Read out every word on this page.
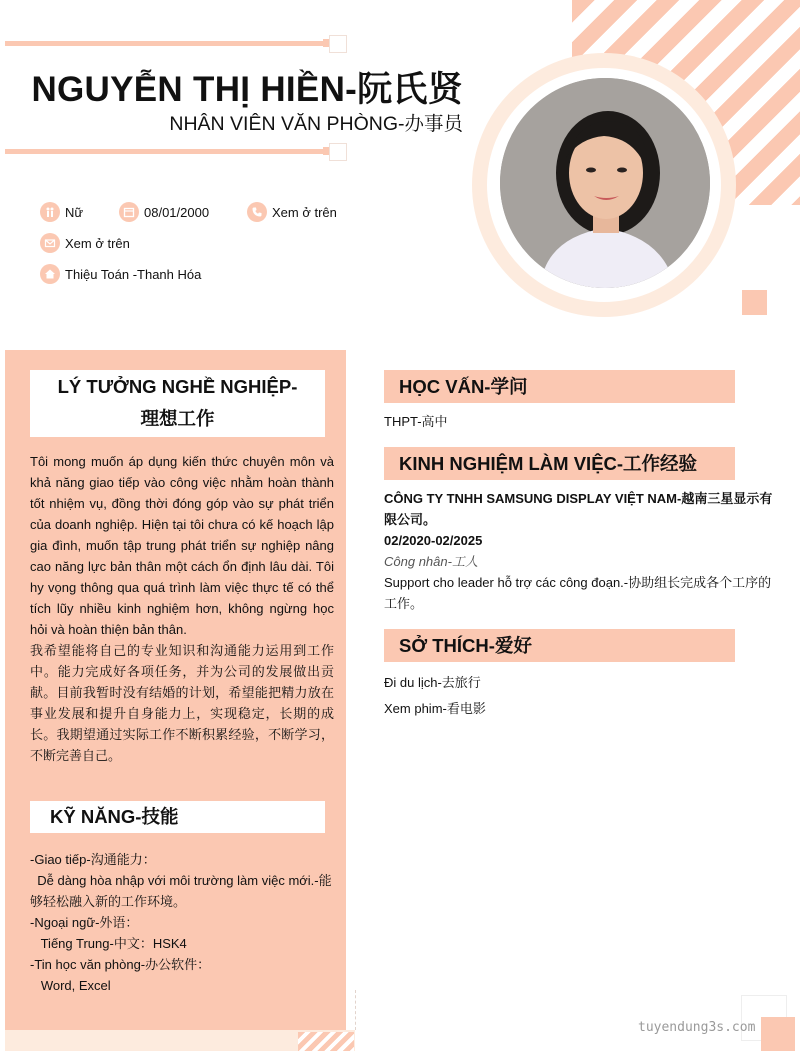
NGUYỄN THỊ HIỀN-阮氏贤
NHÂN VIÊN VĂN PHÒNG-办事员
Nữ	08/01/2000	Xem ở trên
Xem ở trên
Thiệu Toán -Thanh Hóa
LÝ TƯỞNG NGHỀ NGHIỆP-
理想工作
Tôi mong muốn áp dụng kiến thức chuyên môn và khả năng giao tiếp vào công việc nhằm hoàn thành tốt nhiệm vụ, đồng thời đóng góp vào sự phát triển của doanh nghiệp. Hiện tại tôi chưa có kế hoạch lập gia đình, muốn tập trung phát triển sự nghiệp nâng cao năng lực bản thân một cách ổn định lâu dài. Tôi hy vọng thông qua quá trình làm việc thực tế có thể tích lũy nhiều kinh nghiệm hơn, không ngừng học hỏi và hoàn thiện bản thân.
我希望能将自己的专业知识和沟通能力运用到工作中。能力完成好各项任务，并为公司的发展做出贡献。目前我暂时没有结婚的计划，希望能把精力放在事业发展和提升自身能力上，实现稳定，长期的成长。我期望通过实际工作不断积累经验，不断学习，不断完善自己。
KỸ NĂNG-技能

-Giao tiếp-沟通能力：

Dễ dàng hòa nhập với môi trường làm việc mới.-能够轻松融入新的工作环境。

-Ngoại ngữ-外语：

Tiếng Trung-中文：HSK4

-Tin học văn phòng-办公软件：

Word, Excel

HỌC VẤN-学问
THPT-高中
KINH NGHIỆM LÀM VIỆC-工作经验

CÔNG TY TNHH SAMSUNG DISPLAY VIỆT NAM-越南三星显示有限公司。

02/2020-02/2025

Công nhân-工人

Support cho leader hỗ trợ các công đoạn.-协助组长完成各个工序的工作。

SỞ THÍCH-爱好

Đi du lịch-去旅行

Xem phim-看电影

tuyendung3s.com
